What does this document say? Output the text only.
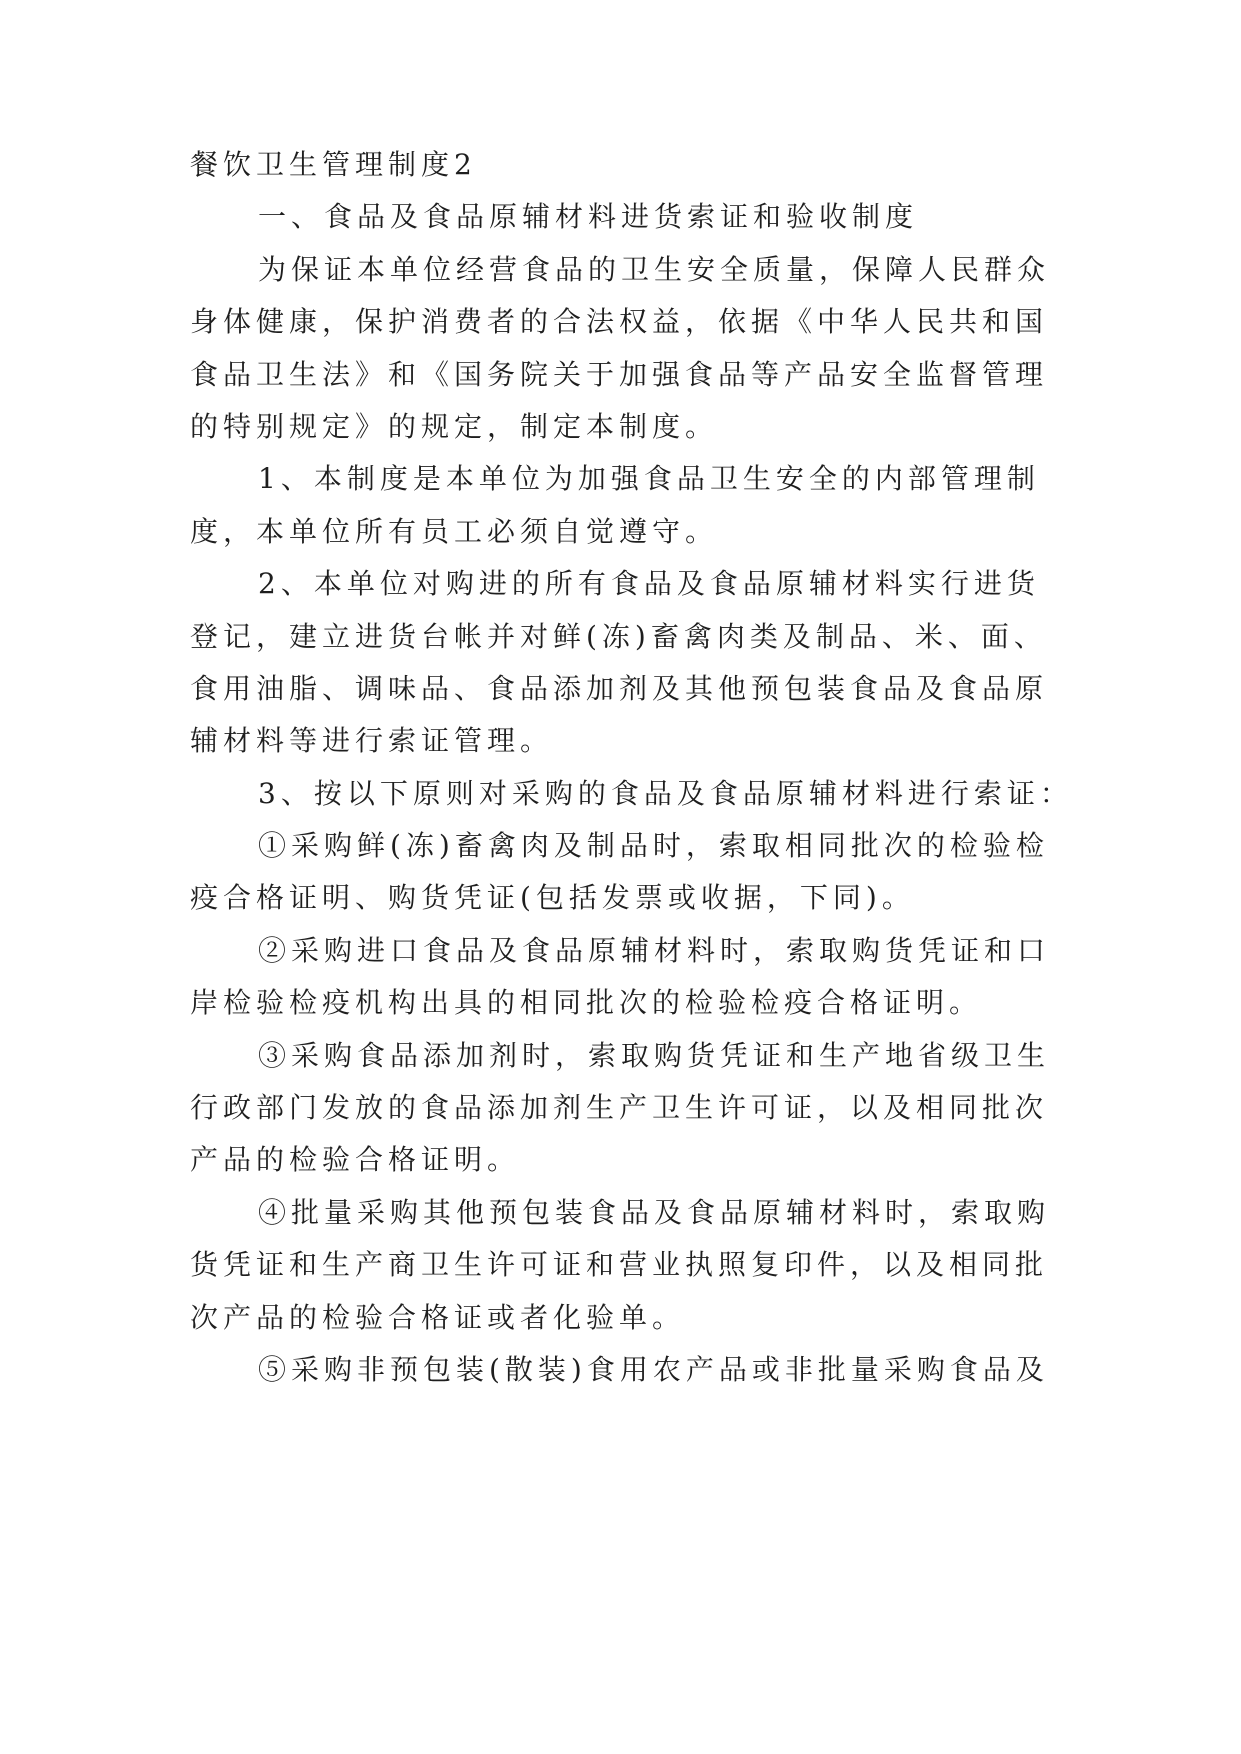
餐饮卫生管理制度2
一、食品及食品原辅材料进货索证和验收制度
为保证本单位经营食品的卫生安全质量，保障人民群众
身体健康，保护消费者的合法权益，依据《中华人民共和国
食品卫生法》和《国务院关于加强食品等产品安全监督管理
的特别规定》的规定，制定本制度。
1、本制度是本单位为加强食品卫生安全的内部管理制
度，本单位所有员工必须自觉遵守。
2、本单位对购进的所有食品及食品原辅材料实行进货
登记，建立进货台帐并对鲜(冻)畜禽肉类及制品、米、面、
食用油脂、调味品、食品添加剂及其他预包装食品及食品原
辅材料等进行索证管理。
3、按以下原则对采购的食品及食品原辅材料进行索证：
①采购鲜(冻)畜禽肉及制品时，索取相同批次的检验检
疫合格证明、购货凭证(包括发票或收据，下同)。
②采购进口食品及食品原辅材料时，索取购货凭证和口
岸检验检疫机构出具的相同批次的检验检疫合格证明。
③采购食品添加剂时，索取购货凭证和生产地省级卫生
行政部门发放的食品添加剂生产卫生许可证，以及相同批次
产品的检验合格证明。
④批量采购其他预包装食品及食品原辅材料时，索取购
货凭证和生产商卫生许可证和营业执照复印件，以及相同批
次产品的检验合格证或者化验单。
⑤采购非预包装(散装)食用农产品或非批量采购食品及
